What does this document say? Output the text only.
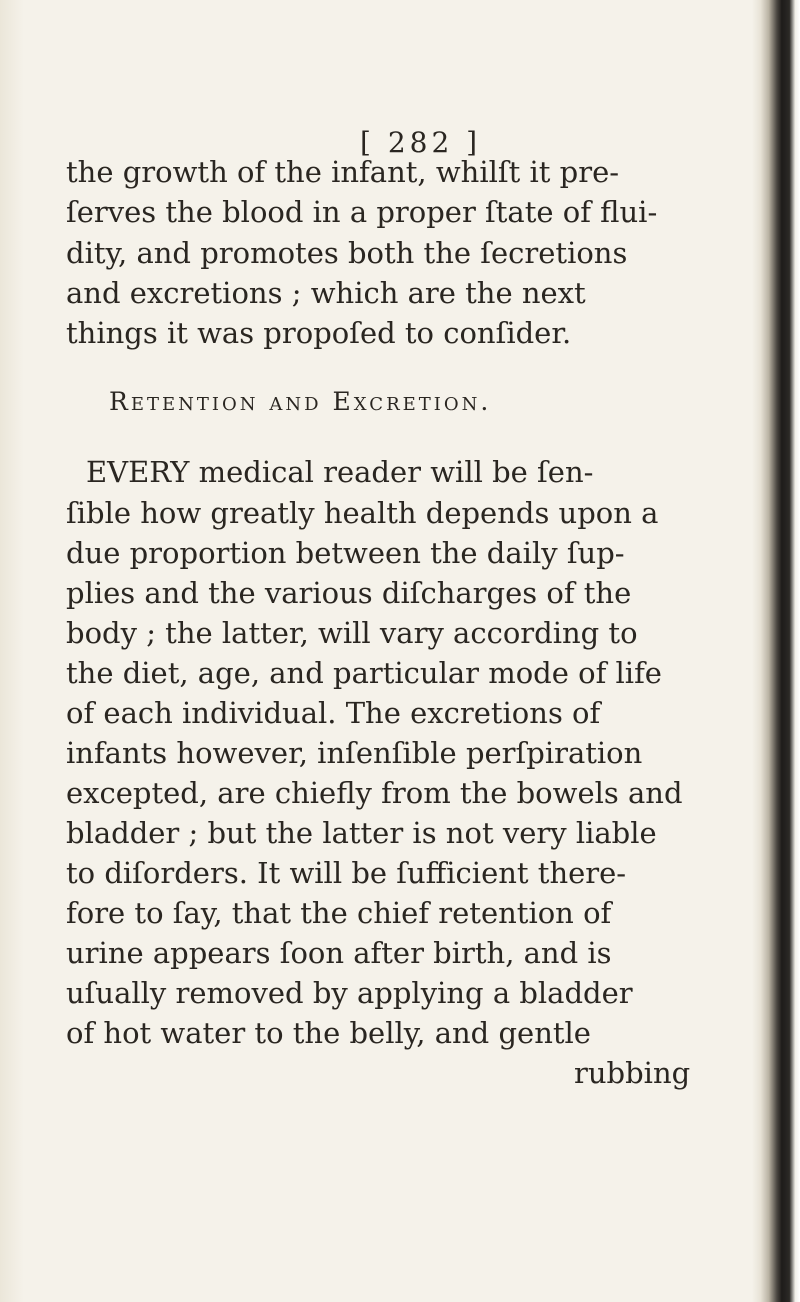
[ 282 ]
the growth of the infant, whilſt it pre-
ſerves the blood in a proper ſtate of flui-
dity, and promotes both the ſecretions
and excretions ; which are the next
things it was propoſed to conſider.
Retention and Excretion.
EVERY medical reader will be ſen-
ſible how greatly health depends upon a
due proportion between the daily ſup-
plies and the various diſcharges of the
body ; the latter, will vary according to
the diet, age, and particular mode of life
of each individual. The excretions of
infants however, inſenſible perſpiration
excepted, are chiefly from the bowels and
bladder ; but the latter is not very liable
to diſorders. It will be ſufficient there-
fore to ſay, that the chief retention of
urine appears ſoon after birth, and is
uſually removed by applying a bladder
of hot water to the belly, and gentle
rubbing
